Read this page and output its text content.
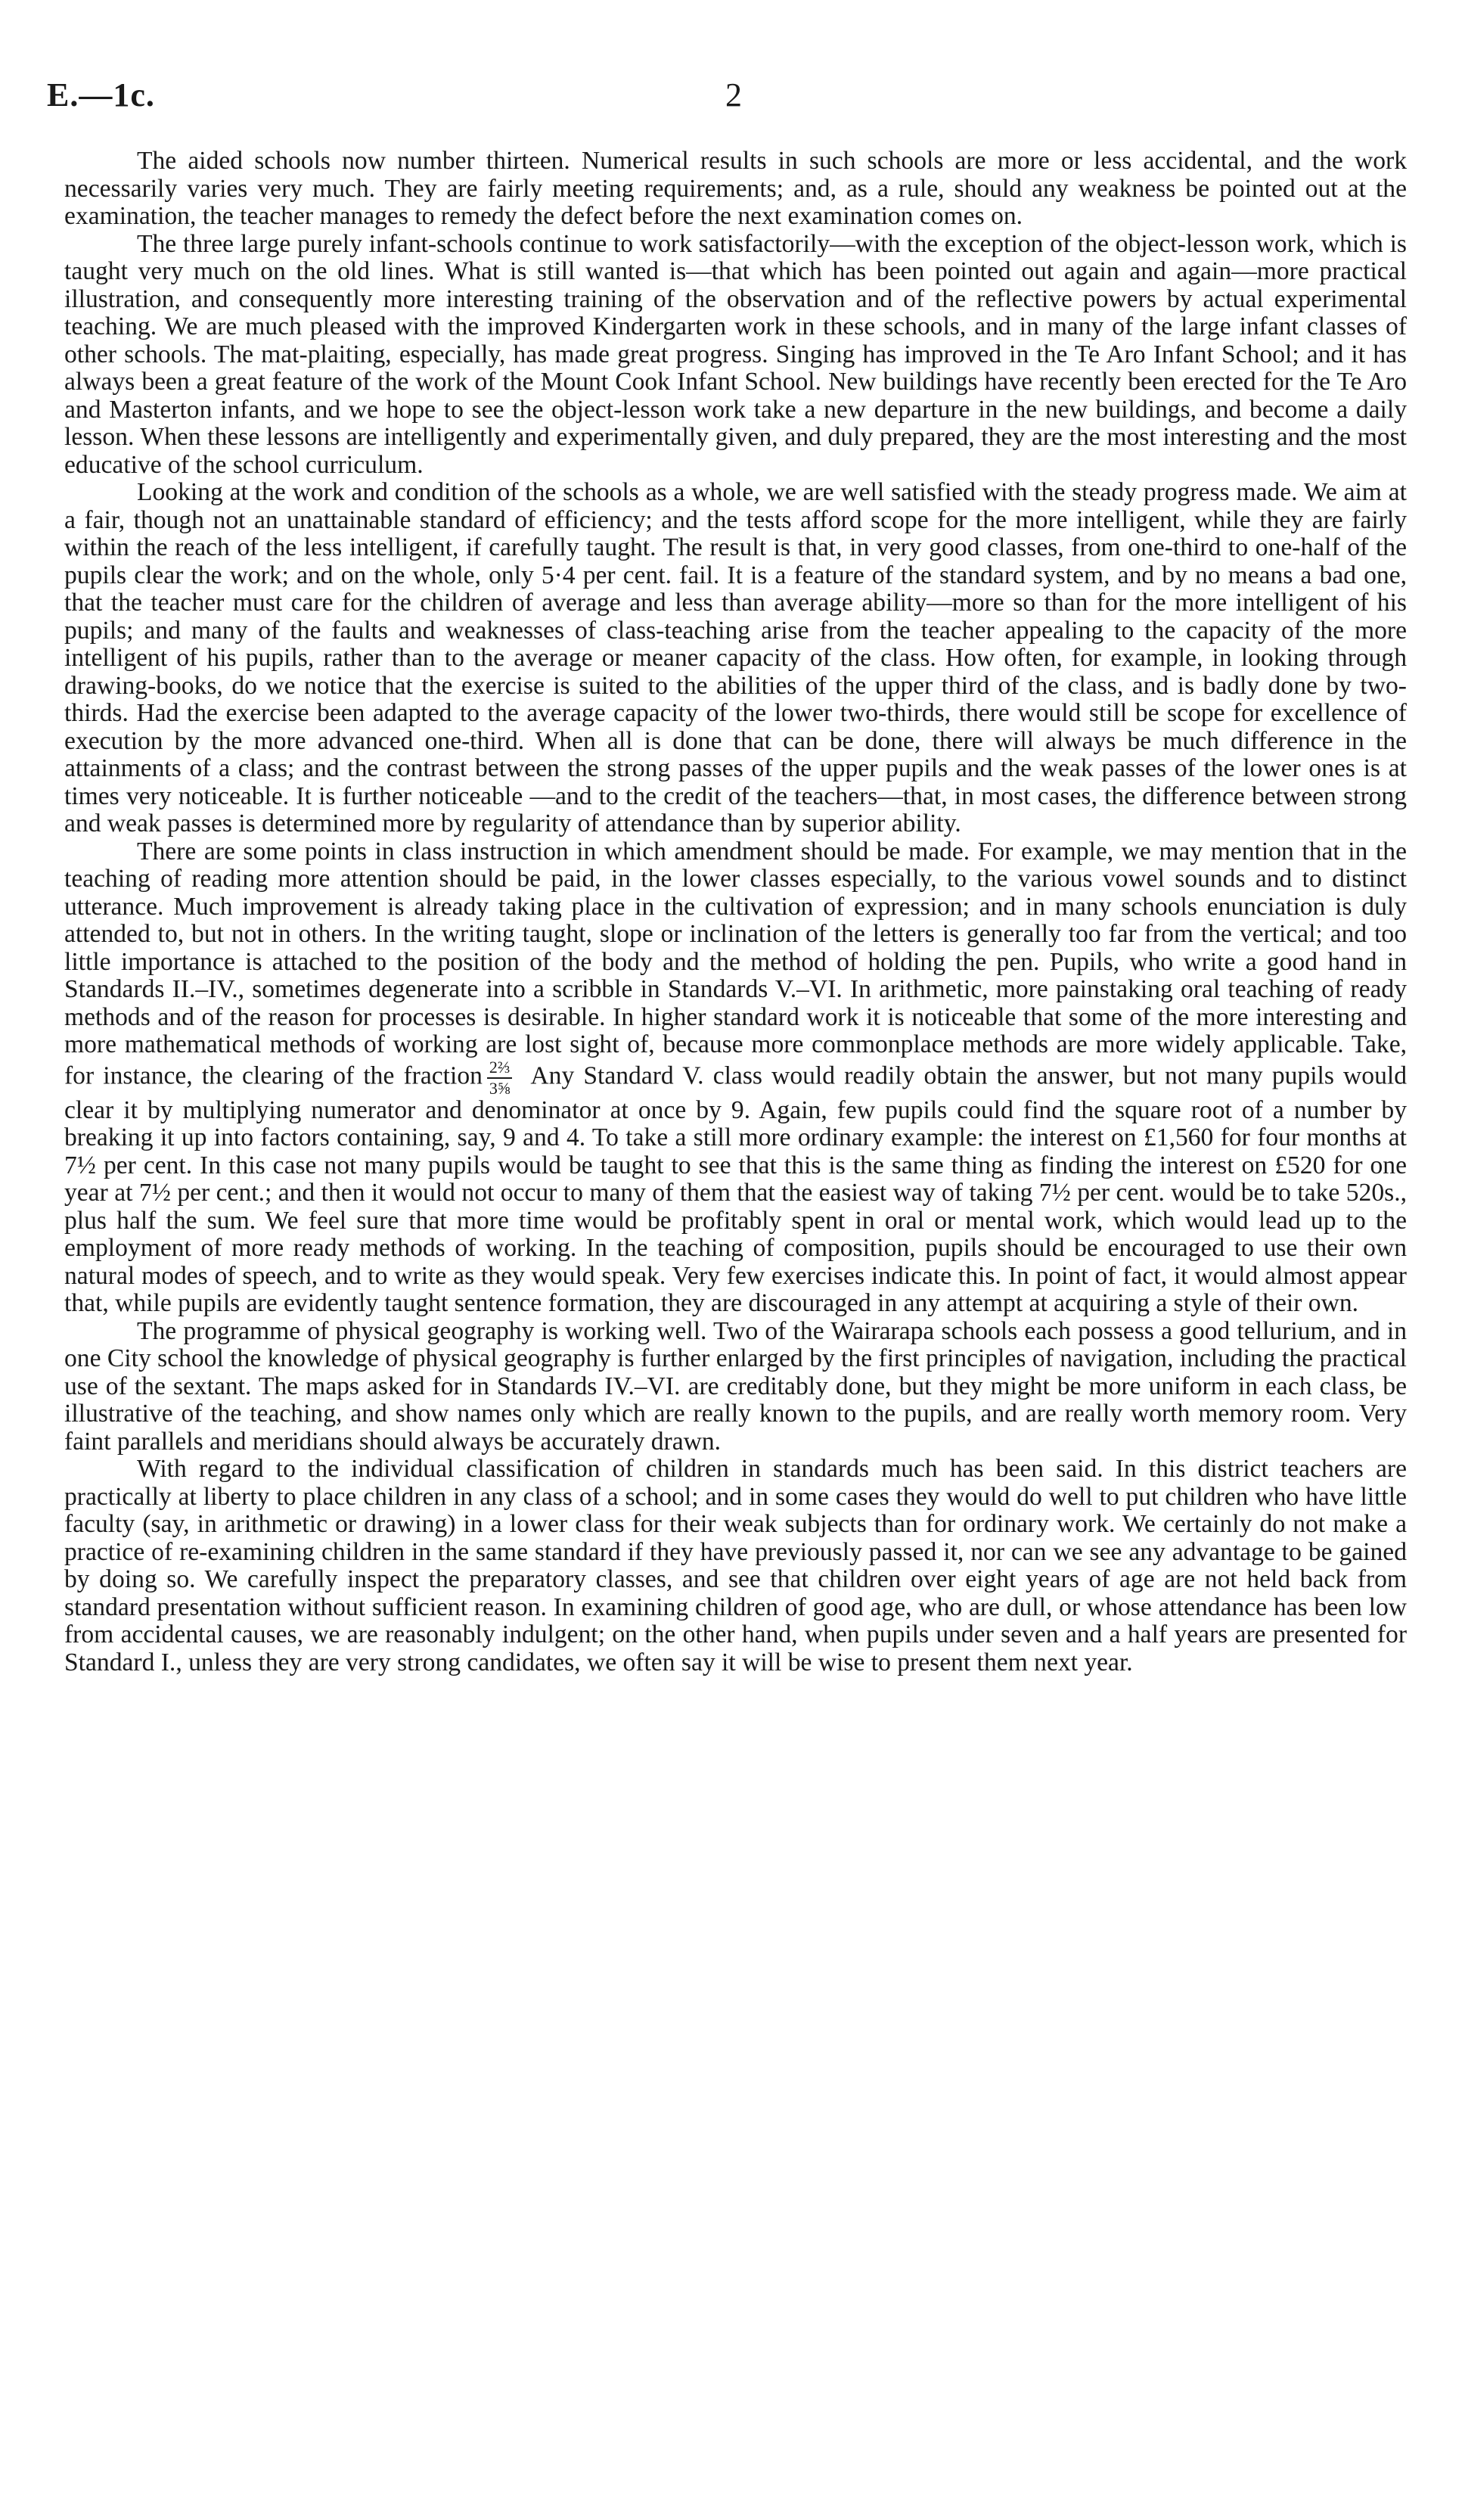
E.—1c.	2

The aided schools now number thirteen. Numerical results in such schools are more or less accidental, and the work necessarily varies very much. They are fairly meeting requirements; and, as a rule, should any weakness be pointed out at the examination, the teacher manages to remedy the defect before the next examination comes on.

The three large purely infant-schools continue to work satisfactorily—with the exception of the object-lesson work, which is taught very much on the old lines. What is still wanted is—that which has been pointed out again and again—more practical illustration, and consequently more interesting training of the observation and of the reflective powers by actual experimental teaching. We are much pleased with the improved Kindergarten work in these schools, and in many of the large infant classes of other schools. The mat-plaiting, especially, has made great progress. Singing has improved in the Te Aro Infant School; and it has always been a great feature of the work of the Mount Cook Infant School. New buildings have recently been erected for the Te Aro and Masterton infants, and we hope to see the object-lesson work take a new departure in the new buildings, and become a daily lesson. When these lessons are intelligently and experimentally given, and duly prepared, they are the most interesting and the most educative of the school curriculum.

Looking at the work and condition of the schools as a whole, we are well satisfied with the steady progress made. We aim at a fair, though not an unattainable standard of efficiency; and the tests afford scope for the more intelligent, while they are fairly within the reach of the less intelligent, if carefully taught. The result is that, in very good classes, from one-third to one-half of the pupils clear the work; and on the whole, only 5·4 per cent. fail. It is a feature of the standard system, and by no means a bad one, that the teacher must care for the children of average and less than average ability—more so than for the more intelligent of his pupils; and many of the faults and weaknesses of class-teaching arise from the teacher appealing to the capacity of the more intelligent of his pupils, rather than to the average or meaner capacity of the class. How often, for example, in looking through drawing-books, do we notice that the exercise is suited to the abilities of the upper third of the class, and is badly done by two-thirds. Had the exercise been adapted to the average capacity of the lower two-thirds, there would still be scope for excellence of execution by the more advanced one-third. When all is done that can be done, there will always be much difference in the attainments of a class; and the contrast between the strong passes of the upper pupils and the weak passes of the lower ones is at times very noticeable. It is further noticeable —and to the credit of the teachers—that, in most cases, the difference between strong and weak passes is determined more by regularity of attendance than by superior ability.

There are some points in class instruction in which amendment should be made. For example, we may mention that in the teaching of reading more attention should be paid, in the lower classes especially, to the various vowel sounds and to distinct utterance. Much improvement is already taking place in the cultivation of expression; and in many schools enunciation is duly attended to, but not in others. In the writing taught, slope or inclination of the letters is generally too far from the vertical; and too little importance is attached to the position of the body and the method of holding the pen. Pupils, who write a good hand in Standards II.–IV., sometimes degenerate into a scribble in Standards V.–VI. In arithmetic, more painstaking oral teaching of ready methods and of the reason for processes is desirable. In higher standard work it is noticeable that some of the more interesting and more mathematical methods of working are lost sight of, because more commonplace methods are more widely applicable. Take, for instance, the clearing of the fraction $\frac{\text{2⅔}}{\text{3⅝}}$ Any Standard V. class would readily obtain the answer, but not many pupils would clear it by multiplying numerator and denominator at once by 9. Again, few pupils could find the square root of a number by breaking it up into factors containing, say, 9 and 4. To take a still more ordinary example: the interest on £1,560 for four months at 7½ per cent. In this case not many pupils would be taught to see that this is the same thing as finding the interest on £520 for one year at 7½ per cent.; and then it would not occur to many of them that the easiest way of taking 7½ per cent. would be to take 520s., plus half the sum. We feel sure that more time would be profitably spent in oral or mental work, which would lead up to the employment of more ready methods of working. In the teaching of composition, pupils should be encouraged to use their own natural modes of speech, and to write as they would speak. Very few exercises indicate this. In point of fact, it would almost appear that, while pupils are evidently taught sentence formation, they are discouraged in any attempt at acquiring a style of their own.

The programme of physical geography is working well. Two of the Wairarapa schools each possess a good tellurium, and in one City school the knowledge of physical geography is further enlarged by the first principles of navigation, including the practical use of the sextant. The maps asked for in Standards IV.–VI. are creditably done, but they might be more uniform in each class, be illustrative of the teaching, and show names only which are really known to the pupils, and are really worth memory room. Very faint parallels and meridians should always be accurately drawn.

With regard to the individual classification of children in standards much has been said. In this district teachers are practically at liberty to place children in any class of a school; and in some cases they would do well to put children who have little faculty (say, in arithmetic or drawing) in a lower class for their weak subjects than for ordinary work. We certainly do not make a practice of re-examining children in the same standard if they have previously passed it, nor can we see any advantage to be gained by doing so. We carefully inspect the preparatory classes, and see that children over eight years of age are not held back from standard presentation without sufficient reason. In examining children of good age, who are dull, or whose attendance has been low from accidental causes, we are reasonably indulgent; on the other hand, when pupils under seven and a half years are presented for Standard I., unless they are very strong candidates, we often say it will be wise to present them next year.
